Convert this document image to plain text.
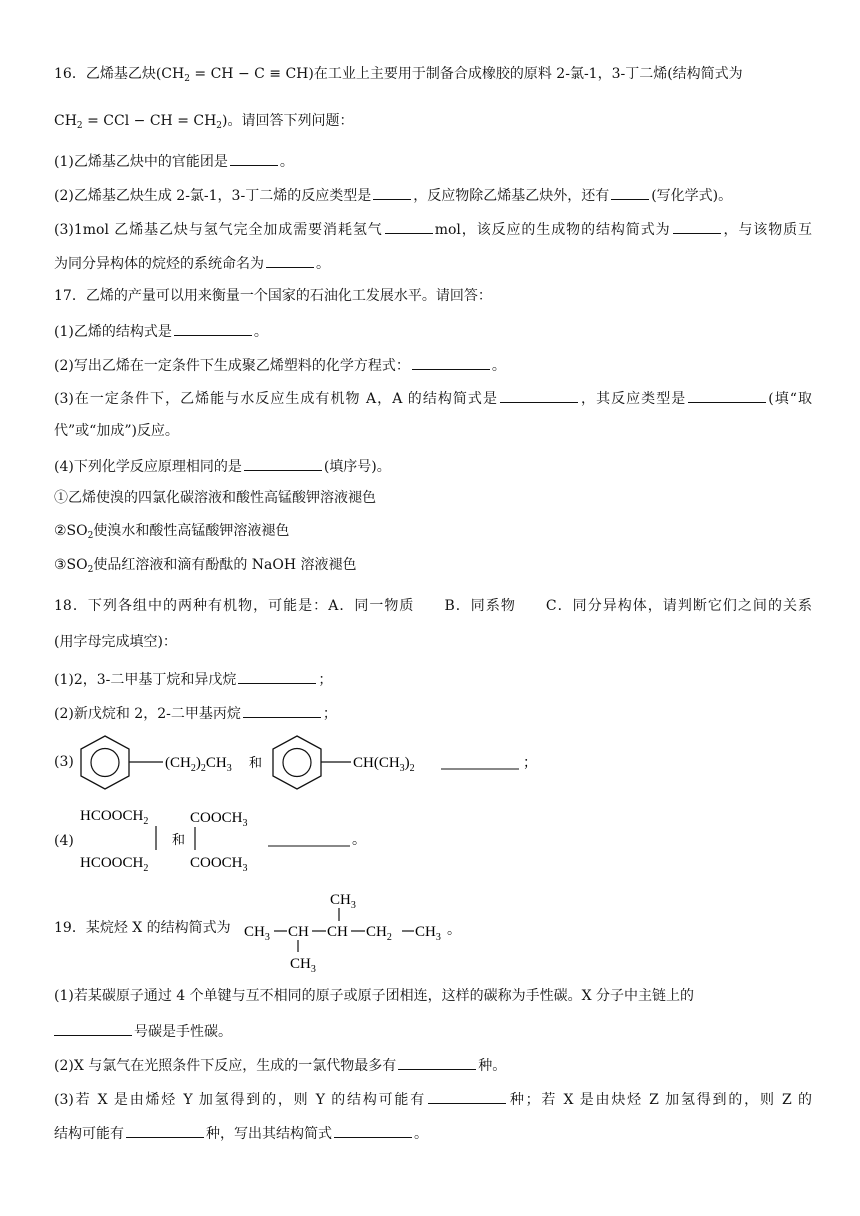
16．乙烯基乙炔($CH_2$ = CH − C ≡ CH)在工业上主要用于制备合成橡胶的原料 2-氯-1，3-丁二烯(结构简式为
$CH_2$ = CCl − CH = $CH_2$)。请回答下列问题：
(1)乙烯基乙炔中的官能团是	。
(2)乙烯基乙炔生成 2-氯-1，3-丁二烯的反应类型是	，反应物除乙烯基乙炔外，还有	(写化学式)。
(3)1mol 乙烯基乙炔与氢气完全加成需要消耗氢气	mol，该反应的生成物的结构简式为	，与该物质互
为同分异构体的烷烃的系统命名为	。
17．乙烯的产量可以用来衡量一个国家的石油化工发展水平。请回答：
(1)乙烯的结构式是	。
(2)写出乙烯在一定条件下生成聚乙烯塑料的化学方程式：	。
(3)在一定条件下，乙烯能与水反应生成有机物 A，A 的结构简式是	，其反应类型是	(填“取
代”或“加成”)反应。
(4)下列化学反应原理相同的是	(填序号)。
①乙烯使溴的四氯化碳溶液和酸性高锰酸钾溶液褪色
$②SO_2$使溴水和酸性高锰酸钾溶液褪色
$③SO_2$使品红溶液和滴有酚酞的 NaOH 溶液褪色
18．下列各组中的两种有机物，可能是：A．同一物质　　B．同系物　　C．同分异构体，请判断它们之间的关系
(用字母完成填空)：
(1)2，3-二甲基丁烷和异戊烷	；
(2)新戊烷和 2，2-二甲基丙烷	；
(3)	$(CH_2)_2CH_3$ 和	$CH(CH_3)_2$	；
(4)
$HCOOCH_2$
$HCOOCH_2$
和
$COOCH_3$
$COOCH_3$
。
19．某烷烃 X 的结构简式为 $CH_3$ CH
$CH_3$
CH
$CH_3$
$CH_2$ $CH_3$ 。
(1)若某碳原子通过 4 个单键与互不相同的原子或原子团相连，这样的碳称为手性碳。X 分子中主链上的
号碳是手性碳。
(2)X 与氯气在光照条件下反应，生成的一氯代物最多有	种。
(3)若 X 是由烯烃 Y 加氢得到的，则 Y 的结构可能有	种；若 X 是由炔烃 Z 加氢得到的，则 Z 的
结构可能有	种，写出其结构简式	。
